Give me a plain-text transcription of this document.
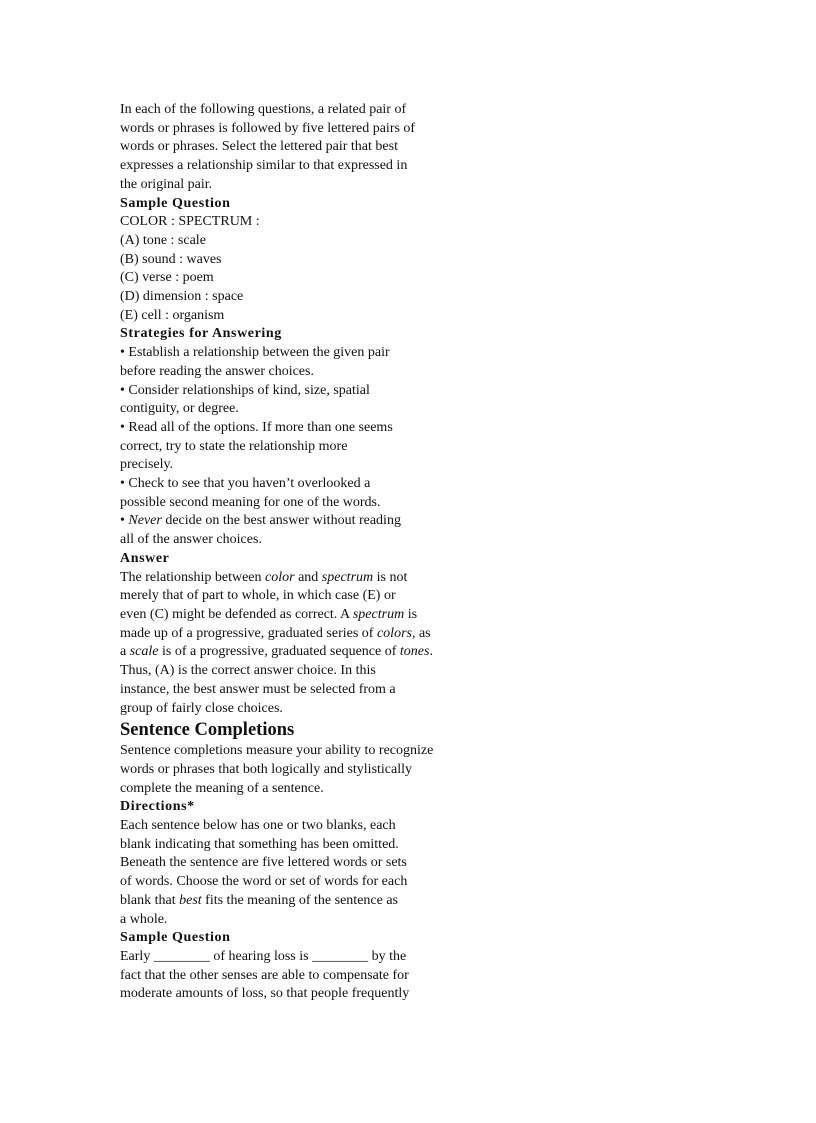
In each of the following questions, a related pair of
words or phrases is followed by five lettered pairs of
words or phrases. Select the lettered pair that best
expresses a relationship similar to that expressed in
the original pair.
Sample Question
COLOR : SPECTRUM :
(A) tone : scale
(B) sound : waves
(C) verse : poem
(D) dimension : space
(E) cell : organism
Strategies for Answering
• Establish a relationship between the given pair
before reading the answer choices.
• Consider relationships of kind, size, spatial
contiguity, or degree.
• Read all of the options. If more than one seems
correct, try to state the relationship more
precisely.
• Check to see that you haven’t overlooked a
possible second meaning for one of the words.
• Never decide on the best answer without reading
all of the answer choices.
Answer
The relationship between color and spectrum is not
merely that of part to whole, in which case (E) or
even (C) might be defended as correct. A spectrum is
made up of a progressive, graduated series of colors, as
a scale is of a progressive, graduated sequence of tones.
Thus, (A) is the correct answer choice. In this
instance, the best answer must be selected from a
group of fairly close choices.
Sentence Completions
Sentence completions measure your ability to recognize
words or phrases that both logically and stylistically
complete the meaning of a sentence.
Directions*
Each sentence below has one or two blanks, each
blank indicating that something has been omitted.
Beneath the sentence are five lettered words or sets
of words. Choose the word or set of words for each
blank that best fits the meaning of the sentence as
a whole.
Sample Question
Early ________ of hearing loss is ________ by the
fact that the other senses are able to compensate for
moderate amounts of loss, so that people frequently
